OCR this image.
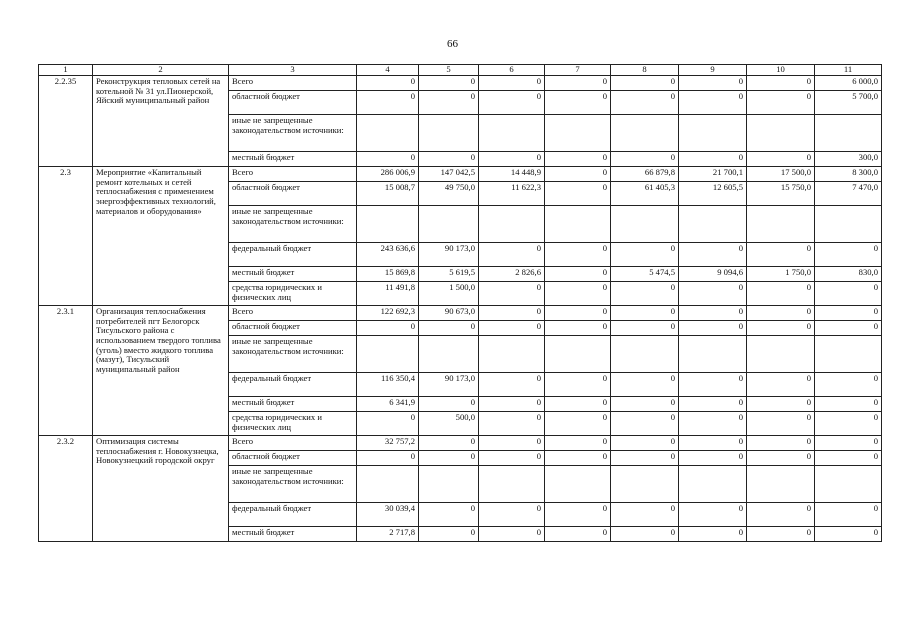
66
1	2	3	4	5	6	7	8	9	10	11
2.2.35	Реконструкция тепловых сетей на котельной № 31 ул.Пионерской, Яйский муниципальный район	Всего	0	0	0	0	0	0	0	6 000,0
		областной бюджет	0	0	0	0	0	0	0	5 700,0
		иные не запрещенные законодательством источники:								
		местный бюджет	0	0	0	0	0	0	0	300,0
2.3	Мероприятие «Капитальный ремонт котельных и сетей теплоснабжения с применением энергоэффективных технологий, материалов и оборудования»	Всего	286 006,9	147 042,5	14 448,9	0	66 879,8	21 700,1	17 500,0	8 300,0
		областной бюджет	15 008,7	49 750,0	11 622,3	0	61 405,3	12 605,5	15 750,0	7 470,0
		иные не запрещенные законодательством источники:								
		федеральный бюджет	243 636,6	90 173,0	0	0	0	0	0	0
		местный бюджет	15 869,8	5 619,5	2 826,6	0	5 474,5	9 094,6	1 750,0	830,0
		средства юридических и физических лиц	11 491,8	1 500,0	0	0	0	0	0	0
2.3.1	Организация теплоснабжения потребителей пгт Белогорск Тисульского района с использованием твердого топлива (уголь) вместо жидкого топлива (мазут), Тисульский муниципальный район	Всего	122 692,3	90 673,0	0	0	0	0	0	0
		областной бюджет	0	0	0	0	0	0	0	0
		иные не запрещенные законодательством источники:								
		федеральный бюджет	116 350,4	90 173,0	0	0	0	0	0	0
		местный бюджет	6 341,9	0	0	0	0	0	0	0
		средства юридических и физических лиц	0	500,0	0	0	0	0	0	0
2.3.2	Оптимизация системы теплоснабжения г. Новокузнецка, Новокузнецкий городской округ	Всего	32 757,2	0	0	0	0	0	0	0
		областной бюджет	0	0	0	0	0	0	0	0
		иные не запрещенные законодательством источники:								
		федеральный бюджет	30 039,4	0	0	0	0	0	0	0
		местный бюджет	2 717,8	0	0	0	0	0	0	0
